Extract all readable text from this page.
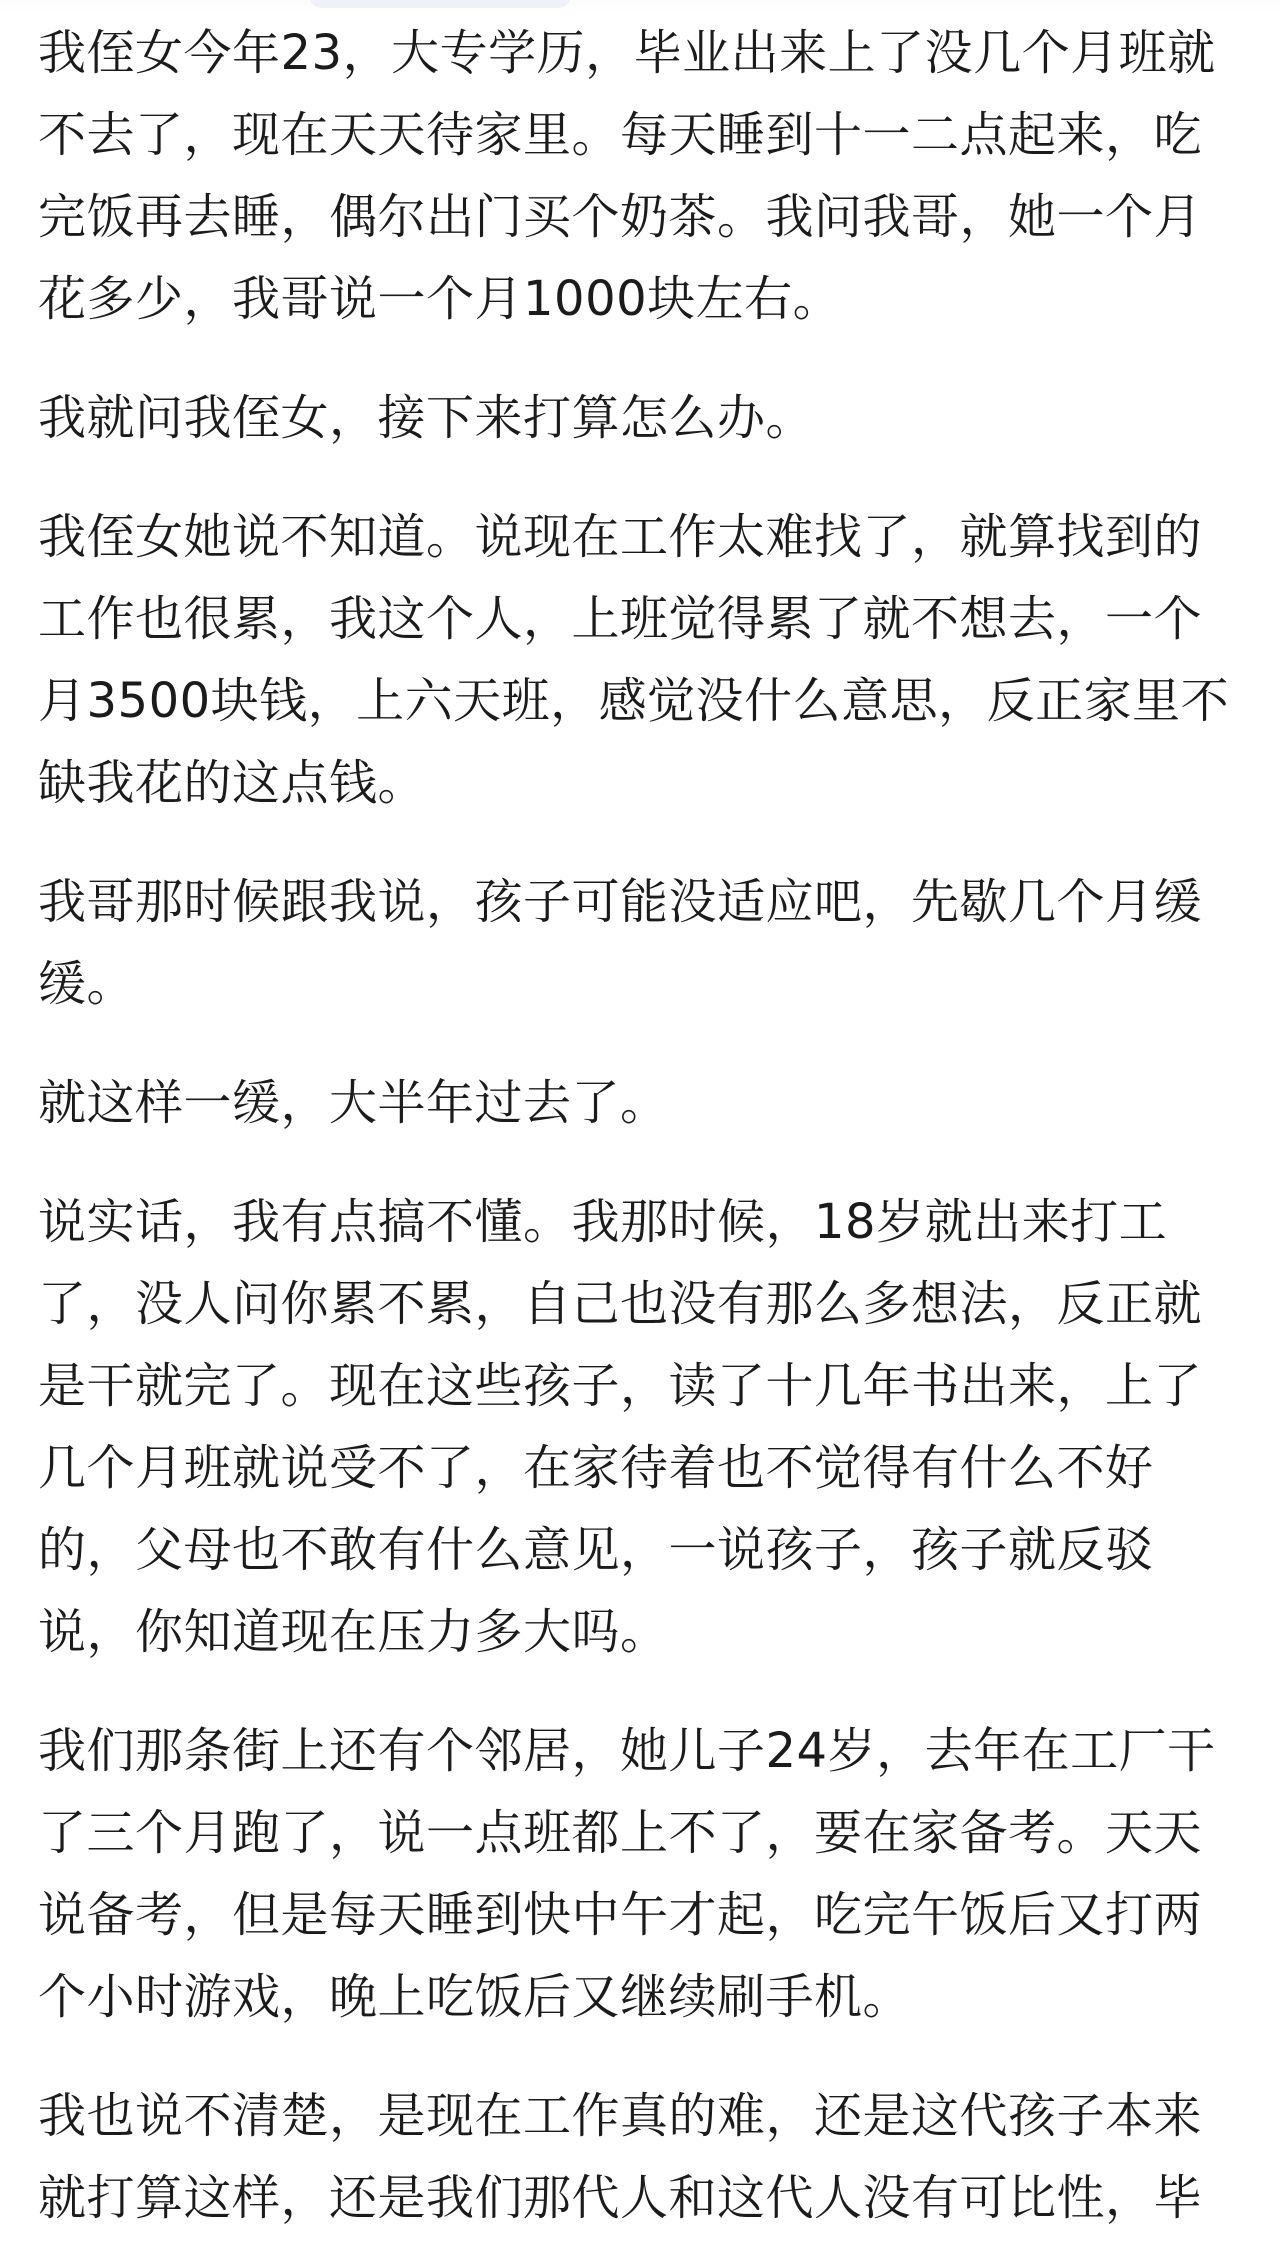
我侄女今年23，大专学历，毕业出来上了没几个月班就
不去了，现在天天待家里。每天睡到十一二点起来，吃
完饭再去睡，偶尔出门买个奶茶。我问我哥，她一个月
花多少，我哥说一个月1000块左右。

我就问我侄女，接下来打算怎么办。

我侄女她说不知道。说现在工作太难找了，就算找到的
工作也很累，我这个人，上班觉得累了就不想去，一个
月3500块钱，上六天班，感觉没什么意思，反正家里不
缺我花的这点钱。

我哥那时候跟我说，孩子可能没适应吧，先歇几个月缓
缓。

就这样一缓，大半年过去了。

说实话，我有点搞不懂。我那时候，18岁就出来打工
了，没人问你累不累，自己也没有那么多想法，反正就
是干就完了。现在这些孩子，读了十几年书出来，上了
几个月班就说受不了，在家待着也不觉得有什么不好
的，父母也不敢有什么意见，一说孩子，孩子就反驳
说，你知道现在压力多大吗。

我们那条街上还有个邻居，她儿子24岁，去年在工厂干
了三个月跑了，说一点班都上不了，要在家备考。天天
说备考，但是每天睡到快中午才起，吃完午饭后又打两
个小时游戏，晚上吃饭后又继续刷手机。

我也说不清楚，是现在工作真的难，还是这代孩子本来
就打算这样，还是我们那代人和这代人没有可比性，毕
